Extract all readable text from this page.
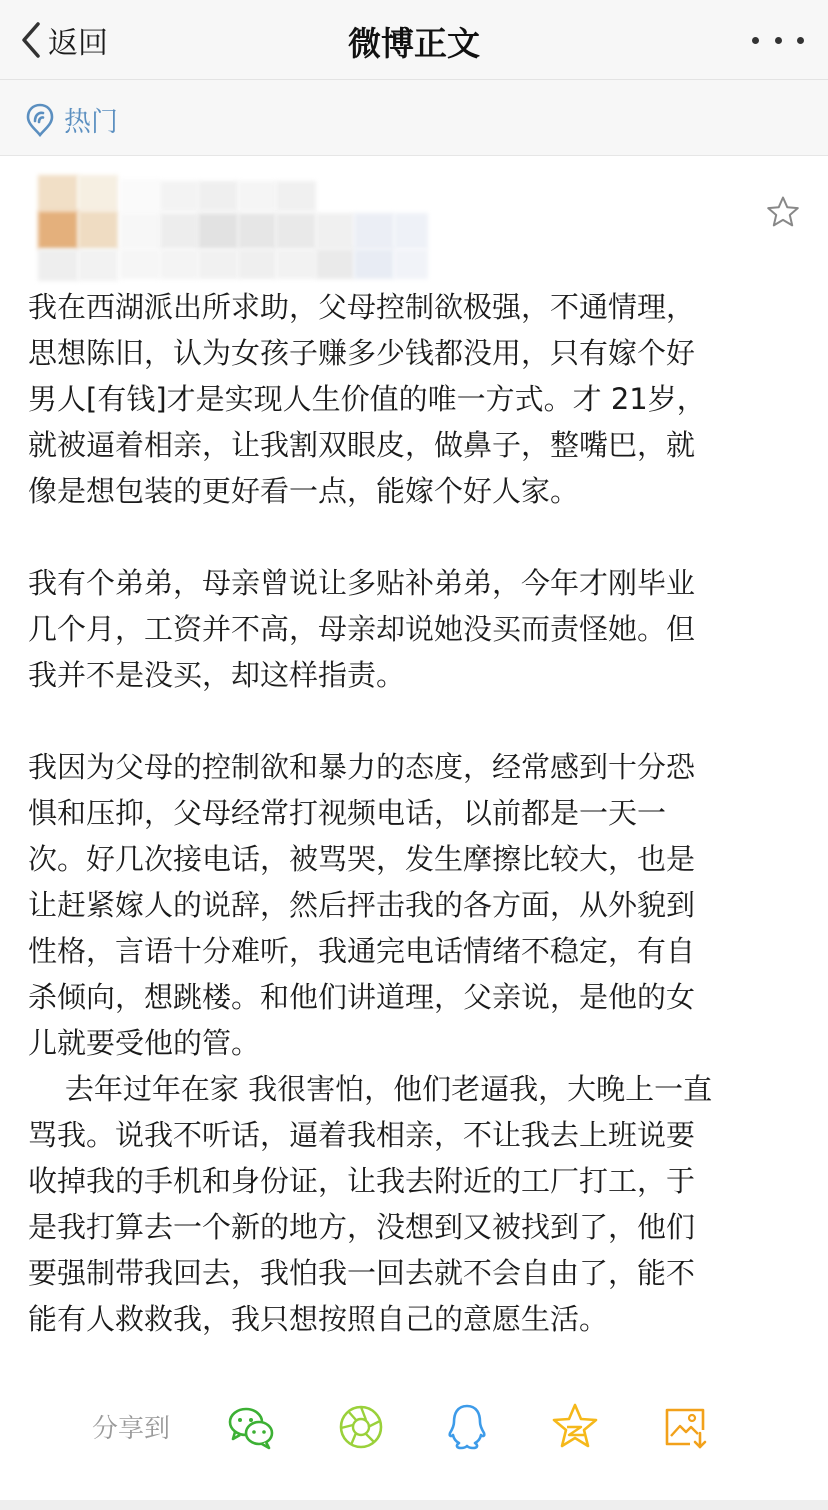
返回	微博正文
热门

我在西湖派出所求助，父母控制欲极强，不通情理，
思想陈旧，认为女孩子赚多少钱都没用，只有嫁个好
男人[有钱]才是实现人生价值的唯一方式。才 21岁，
就被逼着相亲，让我割双眼皮，做鼻子，整嘴巴，就
像是想包装的更好看一点，能嫁个好人家。

我有个弟弟，母亲曾说让多贴补弟弟，今年才刚毕业
几个月，工资并不高，母亲却说她没买而责怪她。但
我并不是没买，却这样指责。

我因为父母的控制欲和暴力的态度，经常感到十分恐
惧和压抑，父母经常打视频电话，以前都是一天一
次。好几次接电话，被骂哭，发生摩擦比较大，也是
让赶紧嫁人的说辞，然后抨击我的各方面，从外貌到
性格，言语十分难听，我通完电话情绪不稳定，有自
杀倾向，想跳楼。和他们讲道理，父亲说，是他的女
儿就要受他的管。
去年过年在家 我很害怕，他们老逼我，大晚上一直
骂我。说我不听话，逼着我相亲，不让我去上班说要
收掉我的手机和身份证，让我去附近的工厂打工，于
是我打算去一个新的地方，没想到又被找到了，他们
要强制带我回去，我怕我一回去就不会自由了，能不
能有人救救我，我只想按照自己的意愿生活。

分享到
